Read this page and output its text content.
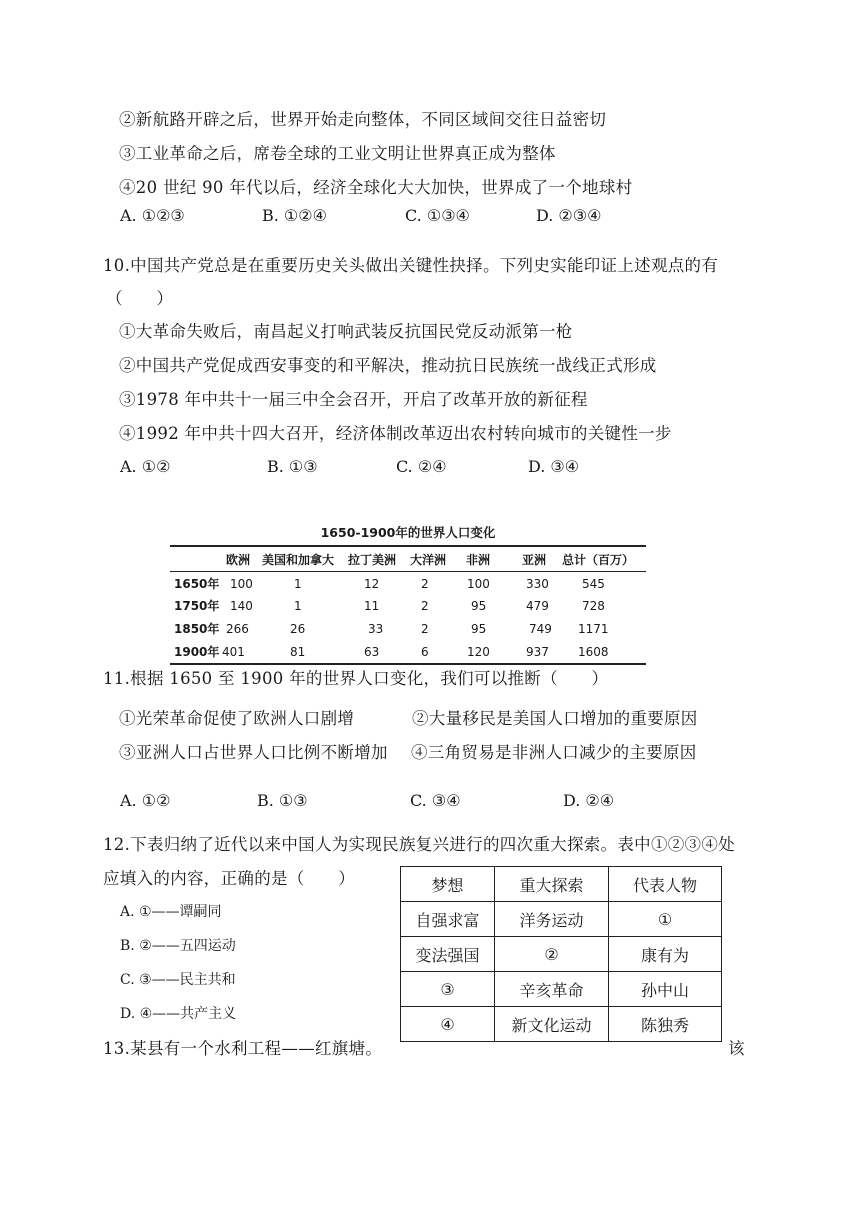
②新航路开辟之后，世界开始走向整体，不同区域间交往日益密切
③工业革命之后，席卷全球的工业文明让世界真正成为整体
④20 世纪 90 年代以后，经济全球化大大加快，世界成了一个地球村
A. ①②③	B. ①②④	C. ①③④	D. ②③④
10.中国共产党总是在重要历史关头做出关键性抉择。下列史实能印证上述观点的有
（　　）
①大革命失败后，南昌起义打响武装反抗国民党反动派第一枪
②中国共产党促成西安事变的和平解决，推动抗日民族统一战线正式形成
③1978 年中共十一届三中全会召开，开启了改革开放的新征程
④1992 年中共十四大召开，经济体制改革迈出农村转向城市的关键性一步
A. ①②	B. ①③	C. ②④	D. ③④
1650-1900年的世界人口变化
欧洲 美国和加拿大 拉丁美洲 大洋洲 非洲	亚洲 总计（百万）
1650年 100	1	12	2	100	330	545
1750年 140	1	11	2	95	479	728
1850年 266	26	33	2	95	749 1171
1900年 401	81	63	6	120	937 1608
11.根据 1650 至 1900 年的世界人口变化，我们可以推断（　　）
①光荣革命促使了欧洲人口剧增	②大量移民是美国人口增加的重要原因
③亚洲人口占世界人口比例不断增加 ④三角贸易是非洲人口减少的主要原因
A. ①②	B. ①③	C. ③④	D. ②④
12.下表归纳了近代以来中国人为实现民族复兴进行的四次重大探索。表中①②③④处
应填入的内容，正确的是（　　）
A. ①——谭嗣同
B. ②——五四运动
C. ③——民主共和
D. ④——共产主义
梦想	重大探索	代表人物
自强求富	洋务运动	①
变法强国	②	康有为
③	辛亥革命	孙中山
④	新文化运动	陈独秀
13.某县有一个水利工程——红旗塘。	该
